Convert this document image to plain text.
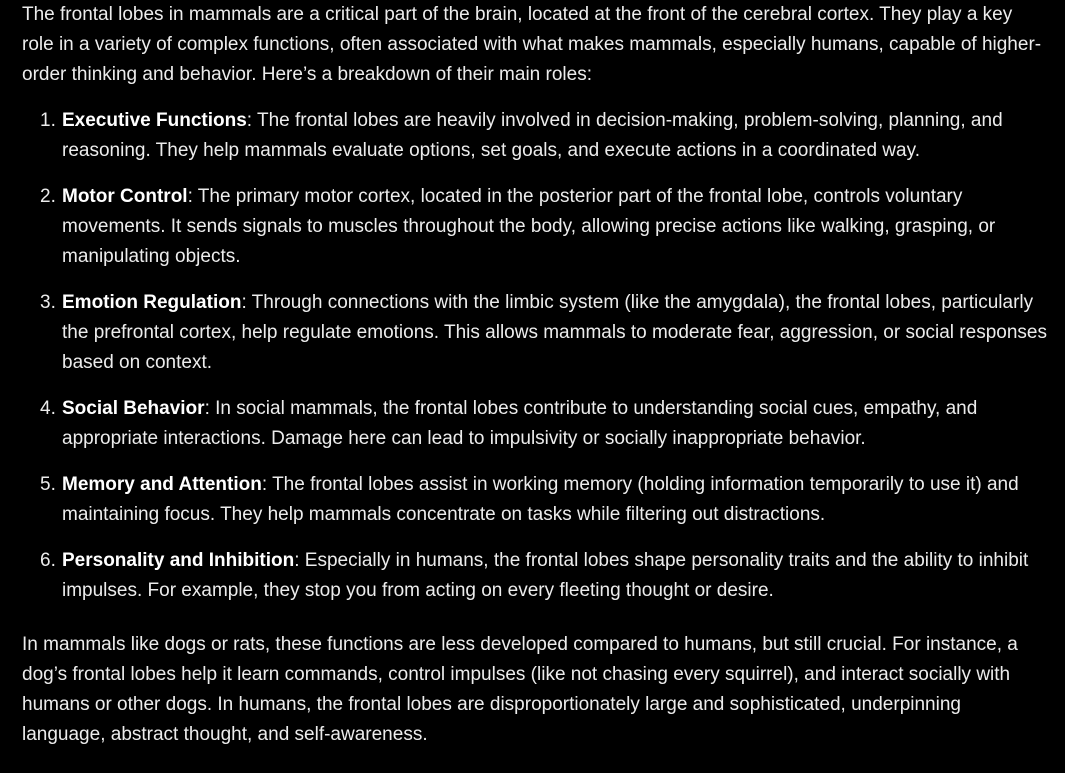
The frontal lobes in mammals are a critical part of the brain, located at the front of the cerebral cortex. They play a key role in a variety of complex functions, often associated with what makes mammals, especially humans, capable of higher-order thinking and behavior. Here’s a breakdown of their main roles:

1. Executive Functions: The frontal lobes are heavily involved in decision-making, problem-solving, planning, and reasoning. They help mammals evaluate options, set goals, and execute actions in a coordinated way.
2. Motor Control: The primary motor cortex, located in the posterior part of the frontal lobe, controls voluntary movements. It sends signals to muscles throughout the body, allowing precise actions like walking, grasping, or manipulating objects.
3. Emotion Regulation: Through connections with the limbic system (like the amygdala), the frontal lobes, particularly the prefrontal cortex, help regulate emotions. This allows mammals to moderate fear, aggression, or social responses based on context.
4. Social Behavior: In social mammals, the frontal lobes contribute to understanding social cues, empathy, and appropriate interactions. Damage here can lead to impulsivity or socially inappropriate behavior.
5. Memory and Attention: The frontal lobes assist in working memory (holding information temporarily to use it) and maintaining focus. They help mammals concentrate on tasks while filtering out distractions.
6. Personality and Inhibition: Especially in humans, the frontal lobes shape personality traits and the ability to inhibit impulses. For example, they stop you from acting on every fleeting thought or desire.

In mammals like dogs or rats, these functions are less developed compared to humans, but still crucial. For instance, a dog’s frontal lobes help it learn commands, control impulses (like not chasing every squirrel), and interact socially with humans or other dogs. In humans, the frontal lobes are disproportionately large and sophisticated, underpinning language, abstract thought, and self-awareness.
